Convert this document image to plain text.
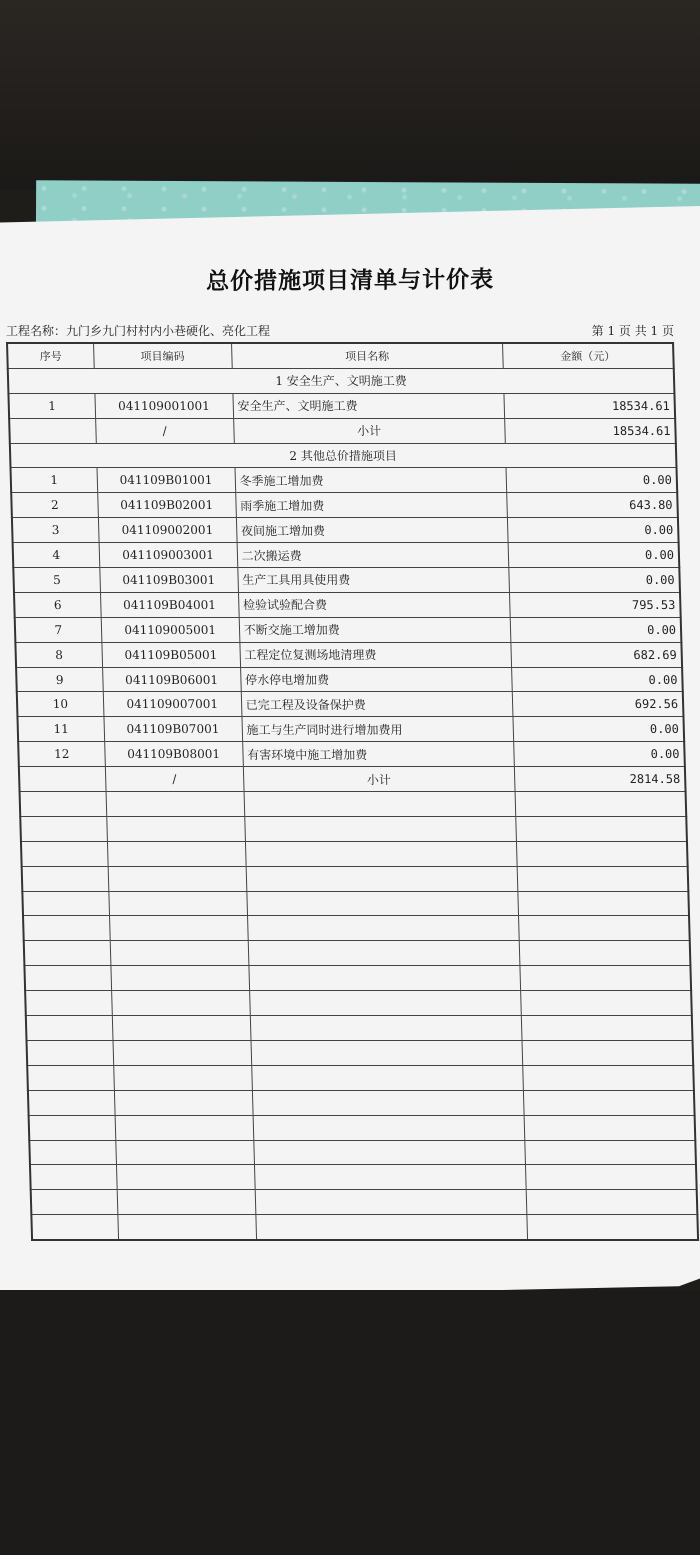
总价措施项目清单与计价表
工程名称：九门乡九门村村内小巷硬化、亮化工程	第 1 页 共 1 页
序号	项目编码	项目名称	金额（元）
1 安全生产、文明施工费			
1	041109001001	安全生产、文明施工费	18534.61
	/	小计	18534.61
2 其他总价措施项目			
1	041109B01001	冬季施工增加费	0.00
2	041109B02001	雨季施工增加费	643.80
3	041109002001	夜间施工增加费	0.00
4	041109003001	二次搬运费	0.00
5	041109B03001	生产工具用具使用费	0.00
6	041109B04001	检验试验配合费	795.53
7	041109005001	不断交施工增加费	0.00
8	041109B05001	工程定位复测场地清理费	682.69
9	041109B06001	停水停电增加费	0.00
10	041109007001	已完工程及设备保护费	692.56
11	041109B07001	施工与生产同时进行增加费用	0.00
12	041109B08001	有害环境中施工增加费	0.00
	/	小计	2814.58
